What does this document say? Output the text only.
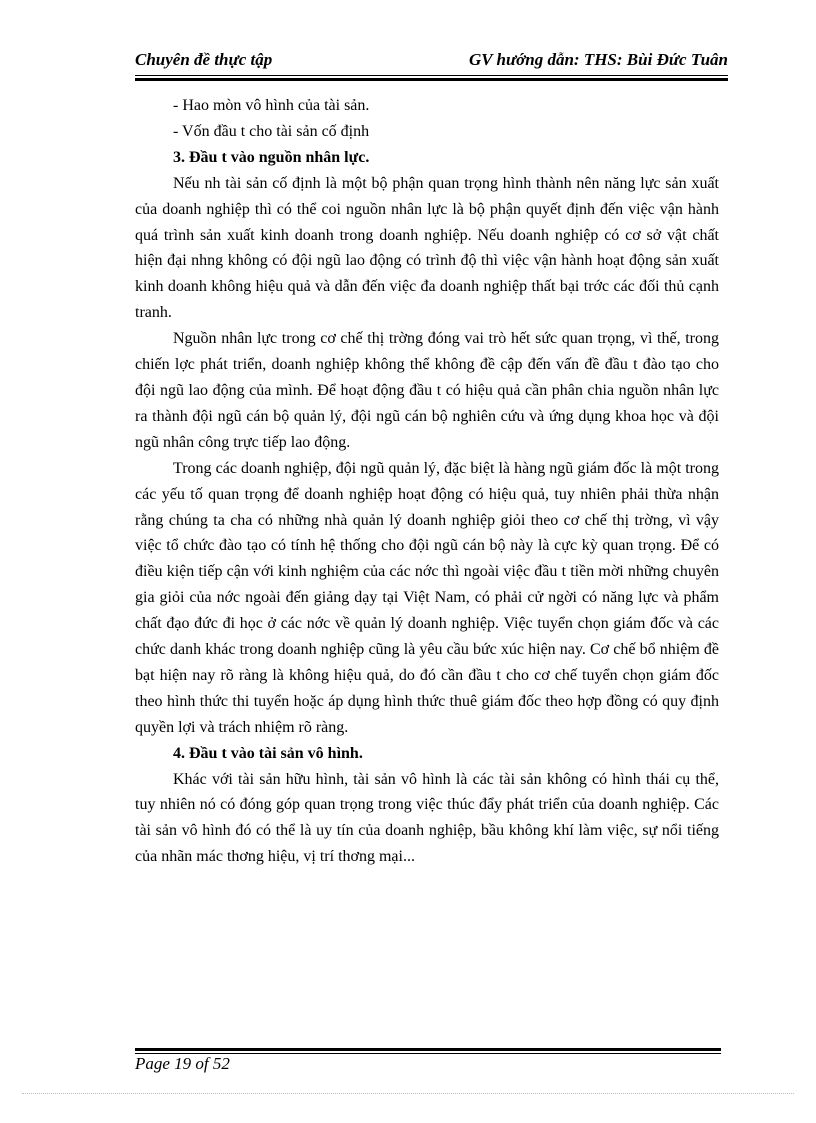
Chuyên đề thực tập	GV hướng dẫn: THS: Bùi Đức Tuân

- Hao mòn vô hình của tài sản.

- Vốn đầu t cho tài sản cố định

3. Đầu t vào nguồn nhân lực.

Nếu nh tài sản cố định là một bộ phận quan trọng hình thành nên năng lực sản xuất của doanh nghiệp thì có thể coi nguồn nhân lực là bộ phận quyết định đến việc vận hành quá trình sản xuất kinh doanh trong doanh nghiệp. Nếu doanh nghiệp có cơ sở vật chất hiện đại nhng không có đội ngũ lao động có trình độ thì việc vận hành hoạt động sản xuất kinh doanh không hiệu quả và dẫn đến việc đa doanh nghiệp thất bại trớc các đối thủ cạnh tranh.

Nguồn nhân lực trong cơ chế thị trờng đóng vai trò hết sức quan trọng, vì thế, trong chiến lợc phát triển, doanh nghiệp không thể không đề cập đến vấn đề đầu t đào tạo cho đội ngũ lao động của mình. Để hoạt động đầu t có hiệu quả cần phân chia nguồn nhân lực ra thành đội ngũ cán bộ quản lý, đội ngũ cán bộ nghiên cứu và ứng dụng khoa học và đội ngũ nhân công trực tiếp lao động.

Trong các doanh nghiệp, đội ngũ quản lý, đặc biệt là hàng ngũ giám đốc là một trong các yếu tố quan trọng để doanh nghiệp hoạt động có hiệu quả, tuy nhiên phải thừa nhận rằng chúng ta cha có những nhà quản lý doanh nghiệp giỏi theo cơ chế thị trờng, vì vậy việc tổ chức đào tạo có tính hệ thống cho đội ngũ cán bộ này là cực kỳ quan trọng. Để có điều kiện tiếp cận với kinh nghiệm của các nớc thì ngoài việc đầu t tiền mời những chuyên gia giỏi của nớc ngoài đến giảng dạy tại Việt Nam, có phải cử ngời có năng lực và phẩm chất đạo đức đi học ở các nớc về quản lý doanh nghiệp. Việc tuyển chọn giám đốc và các chức danh khác trong doanh nghiệp cũng là yêu cầu bức xúc hiện nay. Cơ chế bổ nhiệm đề bạt hiện nay rõ ràng là không hiệu quả, do đó cần đầu t cho cơ chế tuyển chọn giám đốc theo hình thức thi tuyển hoặc áp dụng hình thức thuê giám đốc theo hợp đồng có quy định quyền lợi và trách nhiệm rõ ràng.

4. Đầu t vào tài sản vô hình.

Khác với tài sản hữu hình, tài sản vô hình là các tài sản không có hình thái cụ thể, tuy nhiên nó có đóng góp quan trọng trong việc thúc đẩy phát triển của doanh nghiệp. Các tài sản vô hình đó có thể là uy tín của doanh nghiệp, bầu không khí làm việc, sự nổi tiếng của nhãn mác thơng hiệu, vị trí thơng mại...

Page 19 of 52
